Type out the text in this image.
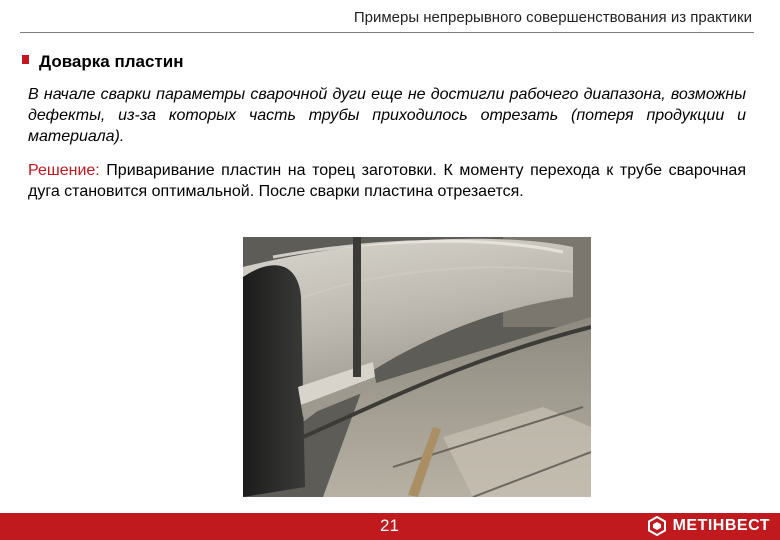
Примеры непрерывного совершенствования из практики
Доварка пластин
В начале сварки параметры сварочной дуги еще не достигли рабочего диапазона, возможны дефекты, из-за которых часть трубы приходилось отрезать (потеря продукции и материала).
Решение: Приваривание пластин на торец заготовки. К моменту перехода к трубе сварочная дуга становится оптимальной. После сварки пластина отрезается.
21	МЕТІНВЕСТ
